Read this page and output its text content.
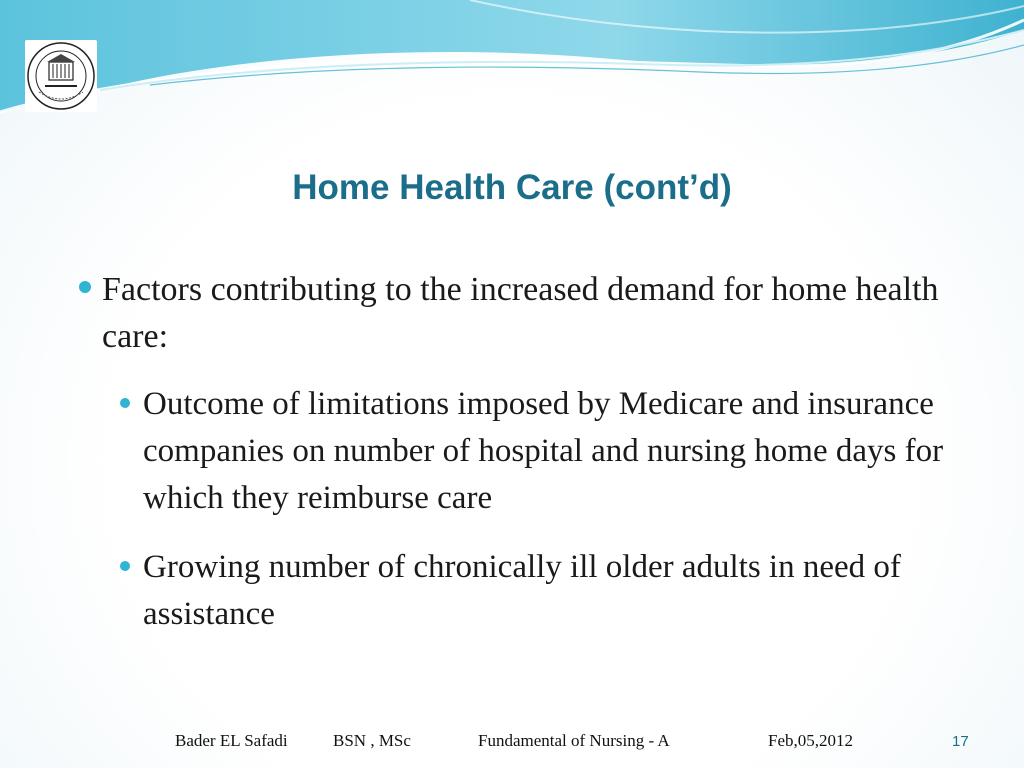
Home Health Care (cont’d)
Factors contributing to the increased demand for home health care:
Outcome of limitations imposed by Medicare and insurance companies on number of hospital and nursing home days for which they reimburse care
Growing number of chronically ill older adults in need of assistance
Bader EL Safadi	BSN , MSc	Fundamental of Nursing - A	Feb,05,2012	17
